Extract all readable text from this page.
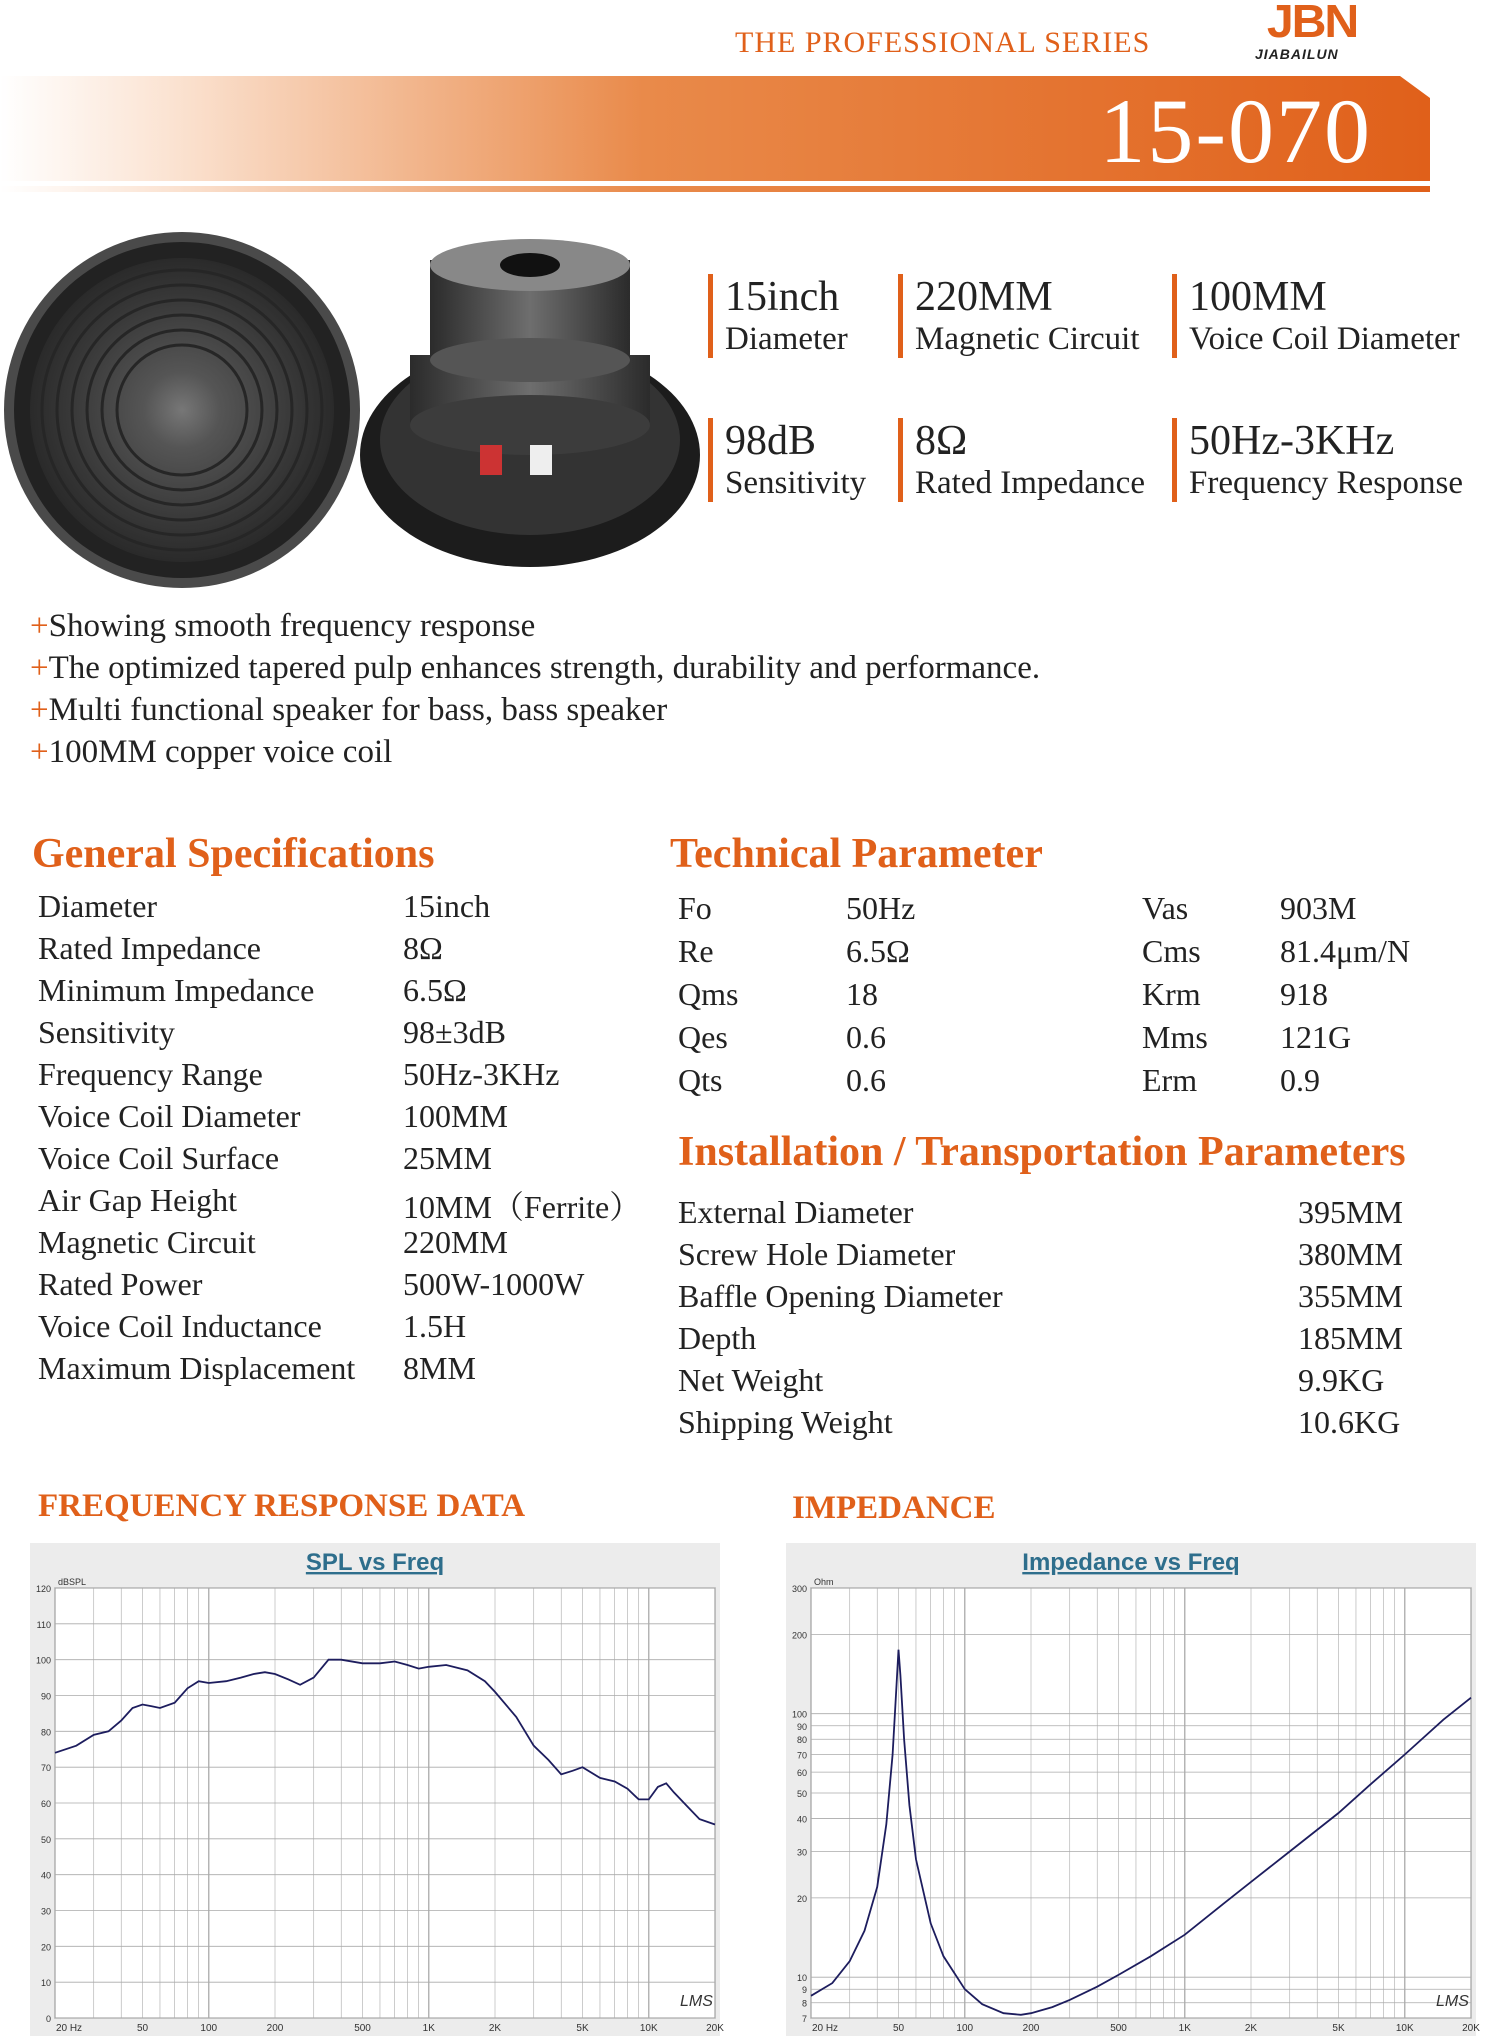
THE PROFESSIONAL SERIES	JBN
JIABAILUN
15-070
15inch
Diameter
220MM
Magnetic Circuit
100MM
Voice Coil Diameter
98dB
Sensitivity
8Ω
Rated Impedance
50Hz-3KHz
Frequency Response
+Showing smooth frequency response
+The optimized tapered pulp enhances strength, durability and performance.
+Multi functional speaker for bass, bass speaker
+100MM copper voice coil
General Specifications
Diameter	15inch
Rated Impedance	8Ω
Minimum Impedance	6.5Ω
Sensitivity	98±3dB
Frequency Range	50Hz-3KHz
Voice Coil Diameter	100MM
Voice Coil Surface	25MM
Air Gap Height	10MM（Ferrite）
Magnetic Circuit	220MM
Rated Power	500W-1000W
Voice Coil Inductance	1.5H
Maximum Displacement 8MM
Technical Parameter
Fo	50Hz	Vas	903M
Re	6.5Ω	Cms 81.4μm/N
Qms	18	Krm 918
Qes	0.6	Mms 121G
Qts	0.6	Erm	0.9
Installation / Transportation Parameters
External Diameter	395MM
Screw Hole Diameter	380MM
Baffle Opening Diameter	355MM
Depth	185MM
Net Weight	9.9KG
Shipping Weight	10.6KG
FREQUENCY RESPONSE DATA	IMPEDANCE
SPL vs Freq
0
10
20
30
40
50
60
70
80
90
100
110
120
dBSPL
20 Hz	50	100	200	500	1K	2K	5K	10K	20K
LMS
Impedance vs Freq
7
8
9
10
20
30
40
50
60
70
80
90
100
200
300
Ohm
20 Hz	50	100	200	500	1K	2K	5K	10K	20K
LMS
